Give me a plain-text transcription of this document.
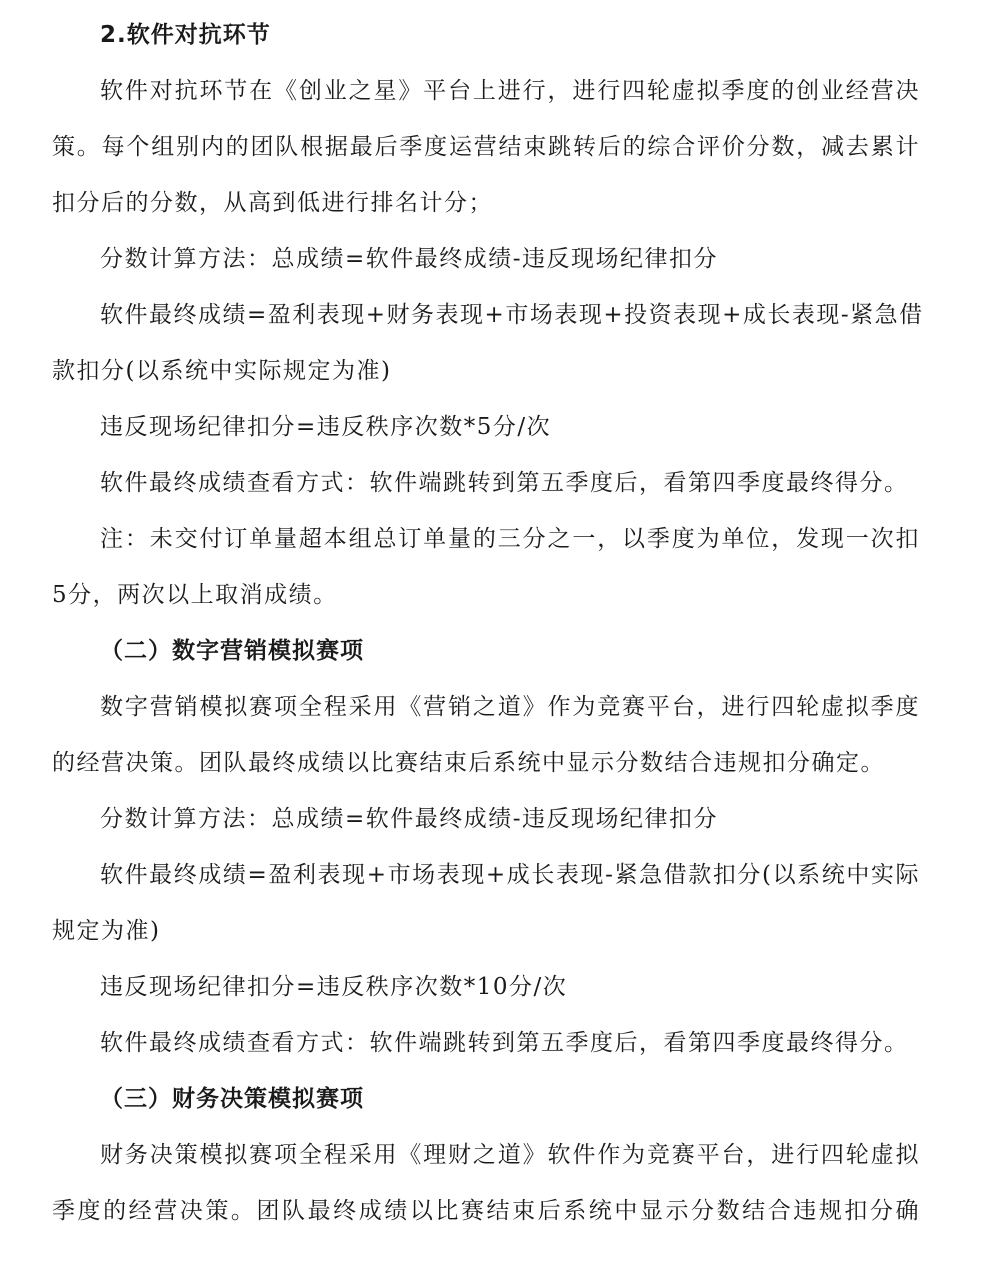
2.软件对抗环节
软件对抗环节在《创业之星》平台上进行，进行四轮虚拟季度的创业经营决
策。每个组别内的团队根据最后季度运营结束跳转后的综合评价分数，减去累计
扣分后的分数，从高到低进行排名计分；
分数计算方法：总成绩=软件最终成绩-违反现场纪律扣分
软件最终成绩=盈利表现+财务表现+市场表现+投资表现+成长表现-紧急借
款扣分(以系统中实际规定为准)
违反现场纪律扣分=违反秩序次数*5分/次
软件最终成绩查看方式：软件端跳转到第五季度后，看第四季度最终得分。
注：未交付订单量超本组总订单量的三分之一，以季度为单位，发现一次扣
5分，两次以上取消成绩。
（二）数字营销模拟赛项
数字营销模拟赛项全程采用《营销之道》作为竞赛平台，进行四轮虚拟季度
的经营决策。团队最终成绩以比赛结束后系统中显示分数结合违规扣分确定。
分数计算方法：总成绩=软件最终成绩-违反现场纪律扣分
软件最终成绩=盈利表现+市场表现+成长表现-紧急借款扣分(以系统中实际
规定为准)
违反现场纪律扣分=违反秩序次数*10分/次
软件最终成绩查看方式：软件端跳转到第五季度后，看第四季度最终得分。
（三）财务决策模拟赛项
财务决策模拟赛项全程采用《理财之道》软件作为竞赛平台，进行四轮虚拟
季度的经营决策。团队最终成绩以比赛结束后系统中显示分数结合违规扣分确
